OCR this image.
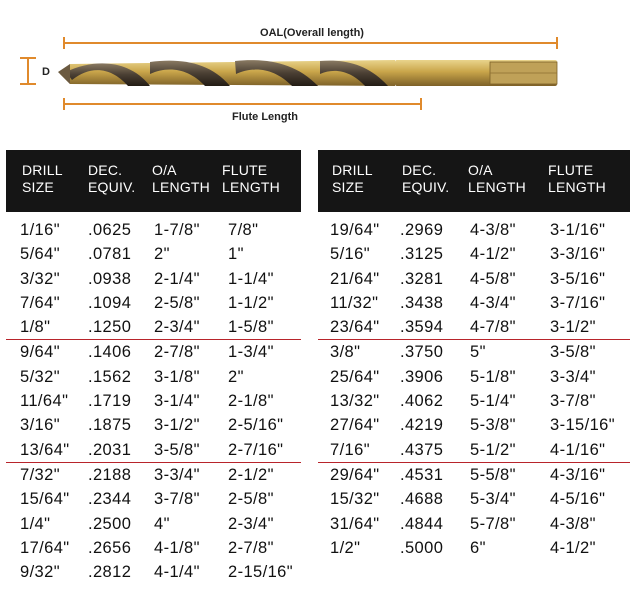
OAL(Overall length)
D
Flute Length
DRILL
SIZE
DEC.
EQUIV.
O/A
LENGTH
FLUTE
LENGTH
1/16" .0625 1-7/8" 7/8"
5/64" .0781 2"	1"
3/32" .0938 2-1/4" 1-1/4"
7/64" .1094 2-5/8" 1-1/2"
1/8" .1250 2-3/4" 1-5/8"
9/64" .1406 2-7/8" 1-3/4"
5/32" .1562 3-1/8" 2"
11/64" .1719 3-1/4" 2-1/8"
3/16" .1875 3-1/2" 2-5/16"
13/64" .2031 3-5/8" 2-7/16"
7/32" .2188 3-3/4" 2-1/2"
15/64" .2344 3-7/8" 2-5/8"
1/4" .2500 4"	2-3/4"
17/64" .2656 4-1/8" 2-7/8"
9/32" .2812 4-1/4" 2-15/16"
DRILL
SIZE
DEC.
EQUIV.
O/A
LENGTH
FLUTE
LENGTH
19/64" .2969 4-3/8" 3-1/16"
5/16" .3125 4-1/2" 3-3/16"
21/64" .3281 4-5/8" 3-5/16"
11/32" .3438 4-3/4" 3-7/16"
23/64" .3594 4-7/8" 3-1/2"
3/8" .3750 5"	3-5/8"
25/64" .3906 5-1/8" 3-3/4"
13/32" .4062 5-1/4" 3-7/8"
27/64" .4219 5-3/8" 3-15/16"
7/16" .4375 5-1/2" 4-1/16"
29/64" .4531 5-5/8" 4-3/16"
15/32" .4688 5-3/4" 4-5/16"
31/64" .4844 5-7/8" 4-3/8"
1/2" .5000 6"	4-1/2"
